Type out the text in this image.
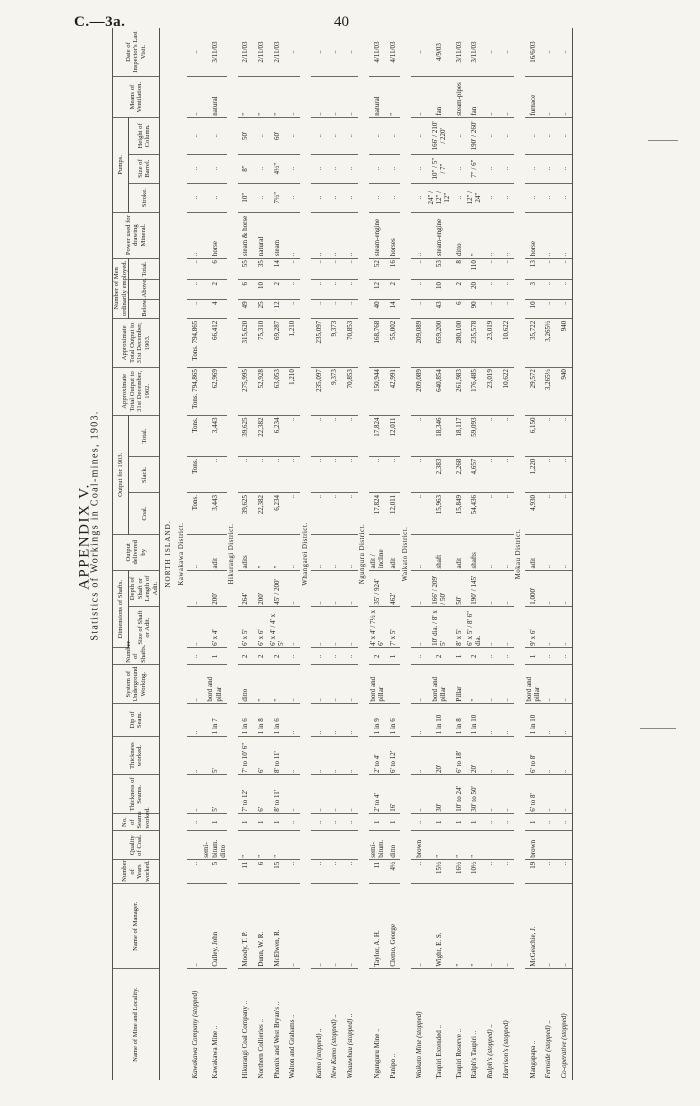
C.—3a.	40
APPENDIX V.
Statistics of Workings in Coal-mines, 1903.
Name of Mine and Locality.	Name of Manager.	Number of Years worked.	Quality of Coal.	No. of Seams worked.	Thickness of Seams.	Thickness worked.	Dip of Seam.	System of Underground Working.	Number of Shafts.	Dimensions of Shafts.		Output delivered by	Output for 1903.			Approximate Total Output to 31st December, 1902.	Approximate Total Output to 31st December, 1903.	Number of Men ordinarily employed.			Power used for drawing Mineral.	Pumps.			Means of Ventilation.	Date of Inspector's Last Visit.
										Size of Shaft or Adit.	Depth of Shaft or Length of Adit.		Coal.	Slack.	Total.			Below.	Above.	Total.		Stroke.	Size of Barrel.	Height of Column.		
NORTH ISLAND.																										
Kawakawa District.																										
Kawakawa Company (stopped)	..	..		..	..	..	..	..	..	..	..	..	Tons.	Tons.	Tons.	Tons. 794,865	Tons. 794,865	..	..	..	..	..	..	..	..	..
Kawakawa Mine ..	Culley, John	5	semi-bitum. ditto	1	5'	5'	1 in 7	bord and pillar	1	6' x 4'	200'	adit	3,443	..	3,443	62,969	66,412	4	2	6	horse	..	..	..	natural	3/11/03
Hikurangi District.																										
Hikurangi Coal Company ..	Moody, T. P.	11	"	1	7' to 12'	7' to 10' 6"	1 in 6	ditto	2	6' x 5'	264'	adits	39,625	..	39,625	275,995	315,620	49	6	55	steam & horse	10"	8"	50'	"	2/11/03
Northern Collieries ..	Dunn, W. R.	6	"	1	6'	6'	1 in 8	"	2	6' x 6'	200'	"	22,382	..	22,382	52,928	75,310	25	10	35	natural	..	..	..	"	2/11/03
Phœnix and West Bryan's ..	McElwen, R.	15	"	1	8' to 11'	8' to 11'	1 in 6	"	2	6' x 4' / 4' x 5'	45' / 200'	"	6,234	..	6,234	63,053	69,287	12	2	14	steam	7½"	4½"	60'	"	2/11/03
Walton and Grahams ..	..	..		..	..	..	..	..	..	..	..	..	..	..	..	1,210	1,210	..	..	..	..	..	..	..	..	..
Whangarei District.																										
Kamo (stopped) ..	..	..		..	..	..	..	..	..	..	..	..	..	..	..	235,097	235,097	..	..	..	..	..	..	..	..	..
New Kamo (stopped) ..	..	..		..	..	..	..	..	..	..	..	..	..	..	..	9,373	9,373	..	..	..	..	..	..	..	..	..
Whauwhau (stopped) ..	..	..		..	..	..	..	..	..	..	..	..	..	..	..	70,853	70,853	..	..	..	..	..	..	..	..	..
Ngunguru District.																										
Ngunguru Mine ..	Taylor, A. H.	11	semi-bitum.	1	2' to 4'	2' to 4'	1 in 9	bord and pillar	2	4' x 4' / 7½ x 6'	35' / 924'	adit / incline	17,824	..	17,824	150,944	168,768	40	12	52	steam-engine	..	..	..	natural	4/11/03
Panipo ..	Clemo, George	4½	ditto	1	16'	6' to 12'	1 in 6		1	7' x 5'	462'	adit	12,011	..	12,011	42,991	55,002	14	2	16	horses	..	..	..	"	4/11/03
Waikato District.																										
Waikato Mine (stopped)	..	..	brown	..	..	..	..	..	..	..	..	..	..	..	..	209,089	209,089	..	..	..	..	..	..	..	..	..
Taupiri Extended ..	Wight, E. S.	15½	"	1	30'	20'	1 in 10	bord and pillar	2	10' dia. / 8' x 5'	166' / 209' / 50'	shaft	15,963	2,383	18,346	640,854	659,200	43	10	53	steam-engine	24" / 12" / 12"	10" / 5" / 7"	166' / 210' / 220'	fan	4/9/03
Taupiri Reserve ..	"	16½	"	1	10' to 24'	6' to 18'	1 in 8	Pillar	1	8' x 5'	50'	adit	15,849	2,268	18,117	261,983	280,100	6	2	8	ditto	..	..	..	steam-pipes	3/11/03
Ralph's Taupiri ..	"	10½	"	1	30' to 50'	20'	1 in 10	"	2	6' x 5' / 8' 6" dia.	190' / 145'	shafts	54,436	4,657	59,093	176,485	235,578	90	20	110	"	12" / 24"	7" / 6"	190' / 260'	fan	3/11/03
Ralph's (stopped) ..	..	..		..	..	..	..	..	..	..	..	..	..	..	..	23,019	23,019	..	..	..	..	..	..	..	..	..
Harrison's (stopped)	..	..		..	..	..	..	..	..	..	..	..	..	..	..	10,622	10,622	..	..	..	..	..	..	..	..	..
Mokau District.																										
Mangapapa ..	McGeachie, J.	19	brown	1	6' to 8'	6' to 8'	1 in 10	bord and pillar	1	9' x 6'	1,000'	adit	4,930	1,220	6,150	29,572	35,722	10	3	13	horse	..	..	..	furnace	16/6/03
Fernside (stopped) ..	..	..		..	..	..	..	..	..	..	..	..	..	..	..	3,265½	3,265½	..	..	..	..	..	..	..	..	..
Co-operative (stopped)	..	..		..	..	..	..	..	..	..	..	..	..	..	..	940	940	..	..	..	..	..	..	..	..	..
